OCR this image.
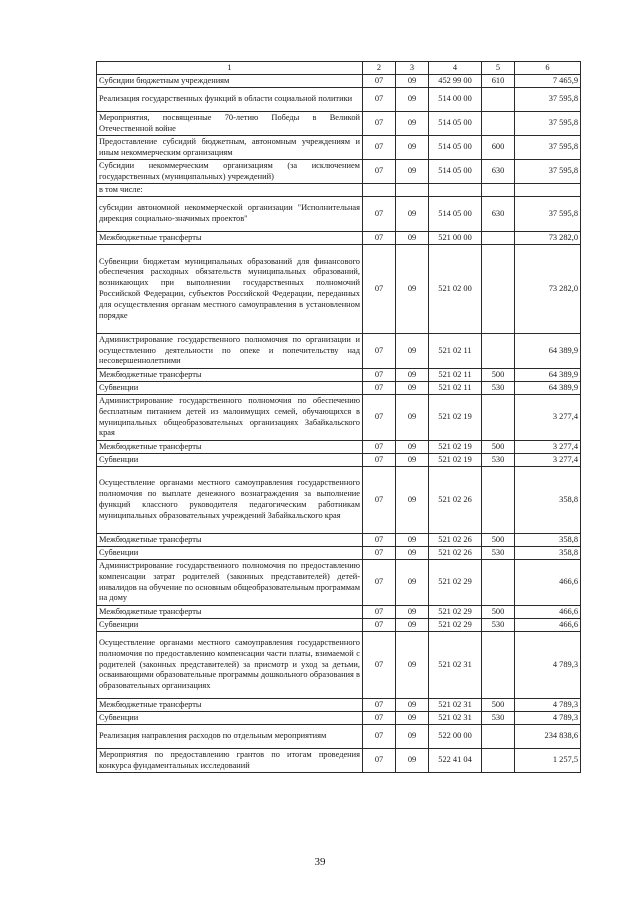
1	2	3	4	5	6
Субсидии бюджетным учреждениям	07	09	452 99 00	610	7 465,9
Реализация государственных функций в области социальной политики	07	09	514 00 00		37 595,8
Мероприятия, посвященные 70-летию Победы в Великой Отечественной войне	07	09	514 05 00		37 595,8
Предоставление субсидий бюджетным, автономным учреждениям и иным некоммерческим организациям	07	09	514 05 00	600	37 595,8
Субсидии некоммерческим организациям (за исключением государственных (муниципальных) учреждений)	07	09	514 05 00	630	37 595,8
в том числе:					
субсидии автономной некоммерческой организации "Исполнительная дирекция социально-значимых проектов"	07	09	514 05 00	630	37 595,8
Межбюджетные трансферты	07	09	521 00 00		73 282,0
Субвенции бюджетам муниципальных образований для финансового обеспечения расходных обязательств муниципальных образований, возникающих при выполнении государственных полномочий Российской Федерации, субъектов Российской Федерации, переданных для осуществления органам местного самоуправления в установленном порядке	07	09	521 02 00		73 282,0
Администрирование государственного полномочия по организации и осуществлению деятельности по опеке и попечительству над несовершеннолетними	07	09	521 02 11		64 389,9
Межбюджетные трансферты	07	09	521 02 11	500	64 389,9
Субвенции	07	09	521 02 11	530	64 389,9
Администрирование государственного полномочия по обеспечению бесплатным питанием детей из малоимущих семей, обучающихся в муниципальных общеобразовательных организациях Забайкальского края	07	09	521 02 19		3 277,4
Межбюджетные трансферты	07	09	521 02 19	500	3 277,4
Субвенции	07	09	521 02 19	530	3 277,4
Осуществление органами местного самоуправления государственного полномочия по выплате денежного вознаграждения за выполнение функций классного руководителя педагогическим работникам муниципальных образовательных учреждений Забайкальского края	07	09	521 02 26		358,8
Межбюджетные трансферты	07	09	521 02 26	500	358,8
Субвенции	07	09	521 02 26	530	358,8
Администрирование государственного полномочия по предоставлению компенсации затрат родителей (законных представителей) детей-инвалидов на обучение по основным общеобразовательным программам на дому	07	09	521 02 29		466,6
Межбюджетные трансферты	07	09	521 02 29	500	466,6
Субвенции	07	09	521 02 29	530	466,6
Осуществление органами местного самоуправления государственного полномочия по предоставлению компенсации части платы, взимаемой с родителей (законных представителей) за присмотр и уход за детьми, осваивающими образовательные программы дошкольного образования в образовательных организациях	07	09	521 02 31		4 789,3
Межбюджетные трансферты	07	09	521 02 31	500	4 789,3
Субвенции	07	09	521 02 31	530	4 789,3
Реализация направления расходов по отдельным мероприятиям	07	09	522 00 00		234 838,6
Мероприятия по предоставлению грантов по итогам проведения конкурса фундаментальных исследований	07	09	522 41 04		1 257,5
39
